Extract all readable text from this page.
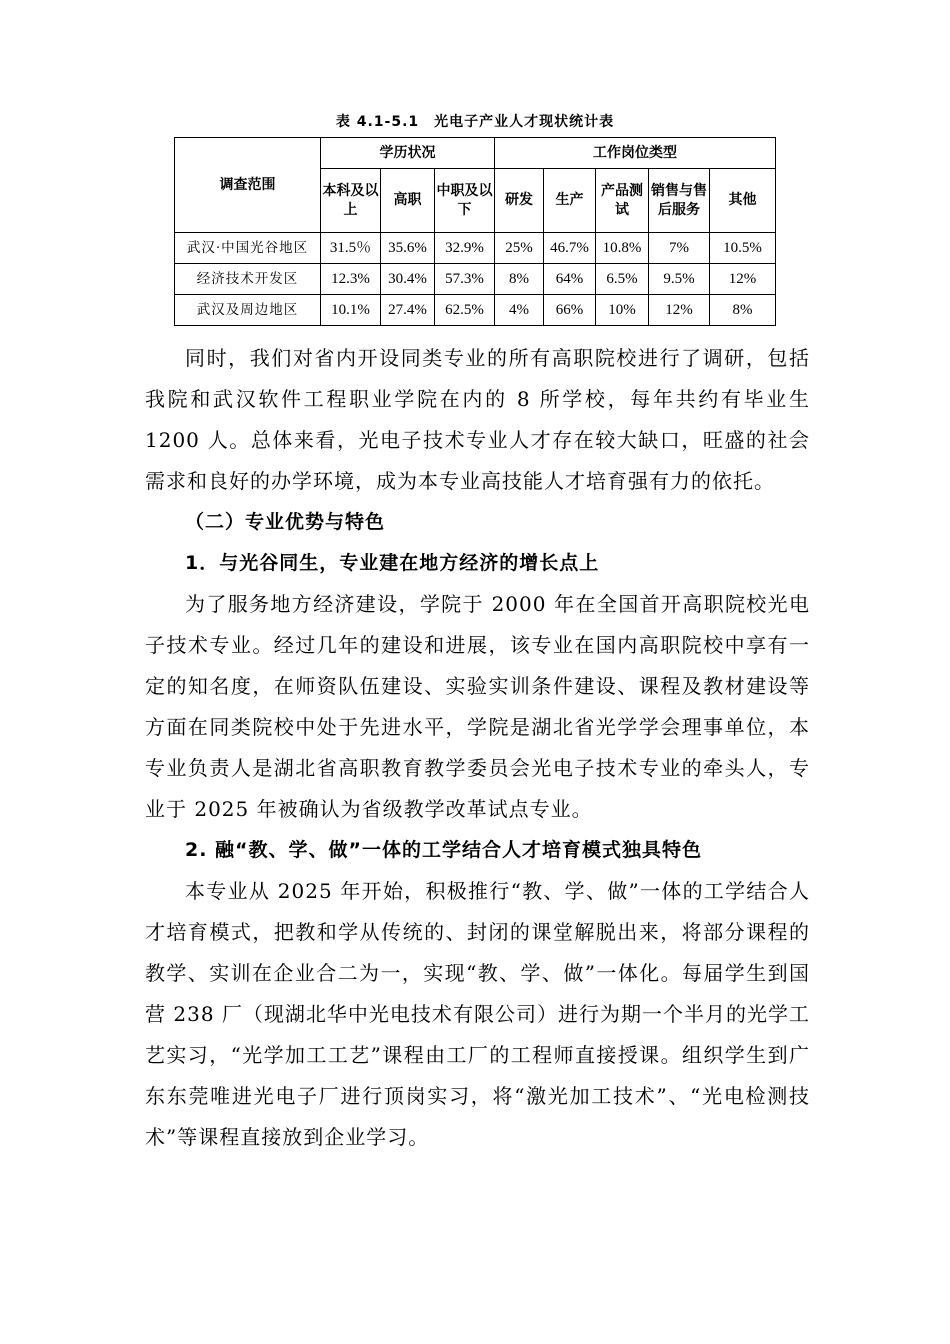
表 4.1-5.1　光电子产业人才现状统计表
调查范围	学历状况			工作岗位类型				
	本科及以上	高职	中职及以下	研发	生产	产品测试	销售与售后服务	其他
武汉·中国光谷地区	31.5％	35.6%	32.9%	25%	46.7%	10.8%	7%	10.5%
经济技术开发区	12.3%	30.4%	57.3%	8%	64%	6.5%	9.5%	12%
武汉及周边地区	10.1%	27.4%	62.5%	4%	66%	10%	12%	8%

同时，我们对省内开设同类专业的所有高职院校进行了调研，包括我院和武汉软件工程职业学院在内的 8 所学校，每年共约有毕业生 1200 人。总体来看，光电子技术专业人才存在较大缺口，旺盛的社会需求和良好的办学环境，成为本专业高技能人才培育强有力的依托。

（二）专业优势与特色

1．与光谷同生，专业建在地方经济的增长点上

为了服务地方经济建设，学院于 2000 年在全国首开高职院校光电子技术专业。经过几年的建设和进展，该专业在国内高职院校中享有一定的知名度，在师资队伍建设、实验实训条件建设、课程及教材建设等方面在同类院校中处于先进水平，学院是湖北省光学学会理事单位，本专业负责人是湖北省高职教育教学委员会光电子技术专业的牵头人，专业于 2025 年被确认为省级教学改革试点专业。

2. 融“教、学、做”一体的工学结合人才培育模式独具特色

本专业从 2025 年开始，积极推行“教、学、做”一体的工学结合人才培育模式，把教和学从传统的、封闭的课堂解脱出来，将部分课程的教学、实训在企业合二为一，实现“教、学、做”一体化。每届学生到国营 238 厂（现湖北华中光电技术有限公司）进行为期一个半月的光学工艺实习，“光学加工工艺”课程由工厂的工程师直接授课。组织学生到广东东莞唯进光电子厂进行顶岗实习，将“激光加工技术”、“光电检测技术”等课程直接放到企业学习。
